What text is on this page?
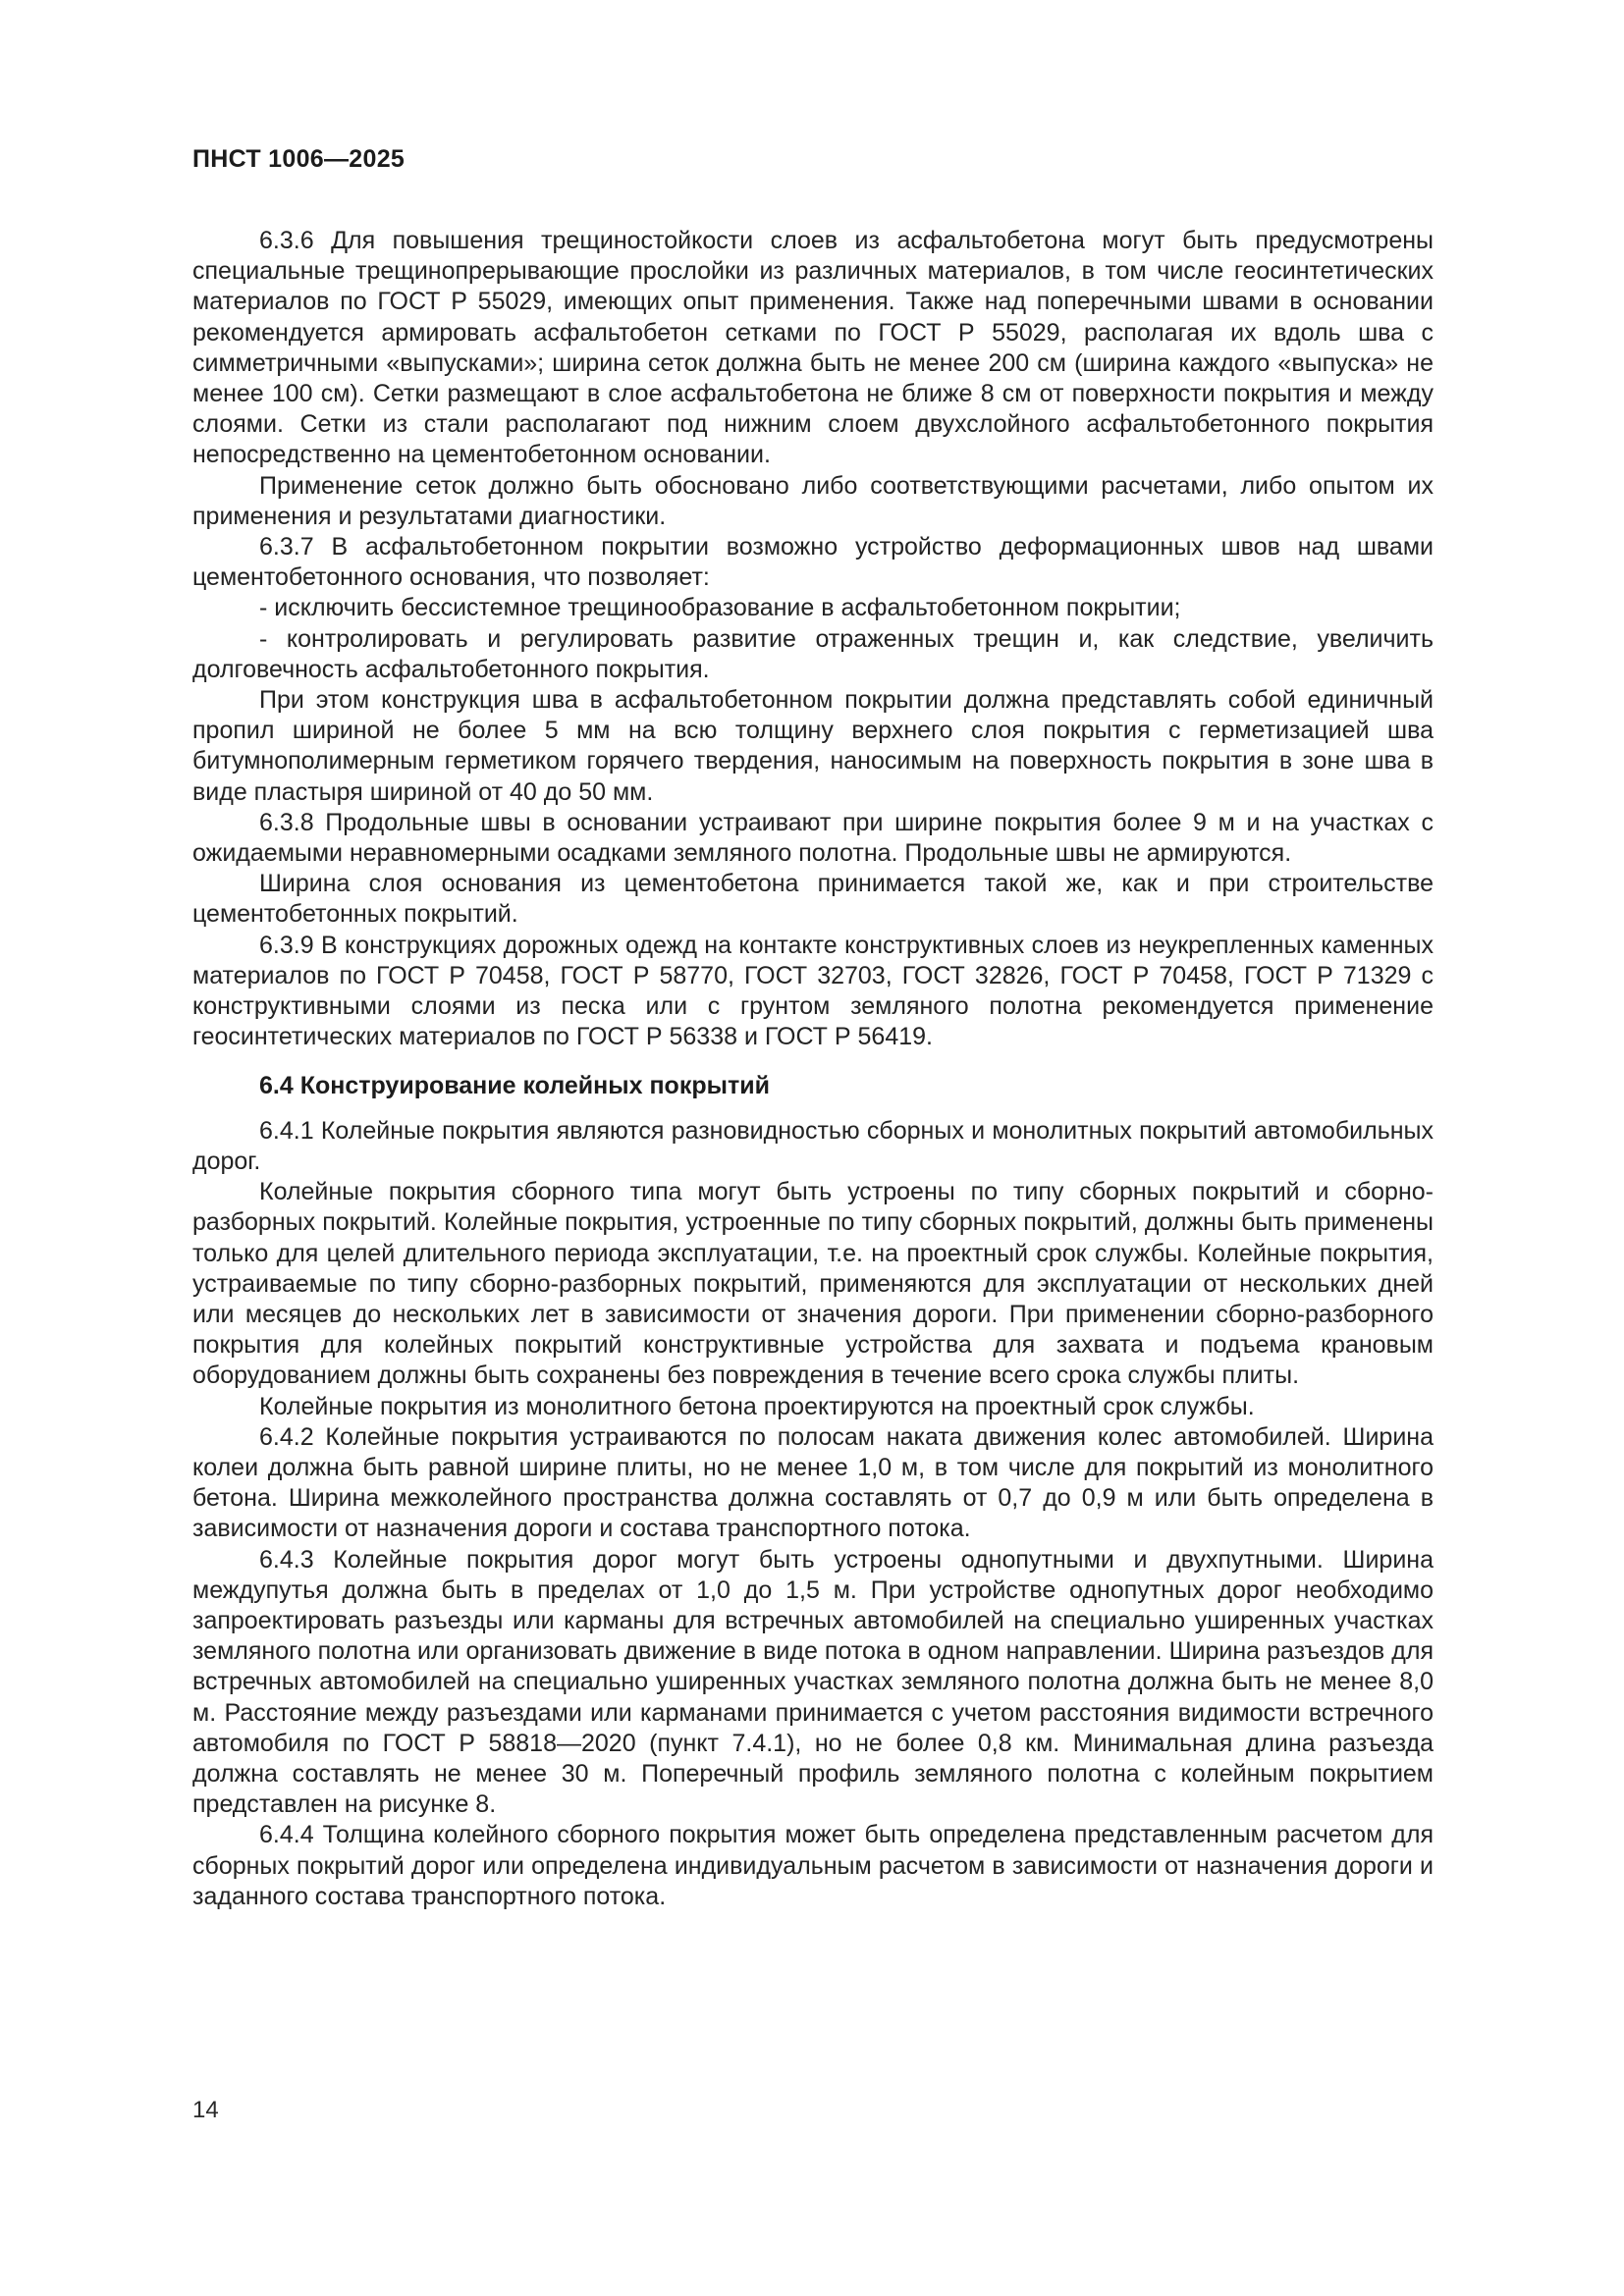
ПНСТ 1006—2025

6.3.6 Для повышения трещиностойкости слоев из асфальтобетона могут быть предусмотрены специальные трещинопрерывающие прослойки из различных материалов, в том числе геосинтетических материалов по ГОСТ Р 55029, имеющих опыт применения. Также над поперечными швами в основании рекомендуется армировать асфальтобетон сетками по ГОСТ Р 55029, располагая их вдоль шва с симметричными «выпусками»; ширина сеток должна быть не менее 200 см (ширина каждого «выпуска» не менее 100 см). Сетки размещают в слое асфальтобетона не ближе 8 см от поверхности покрытия и между слоями. Сетки из стали располагают под нижним слоем двухслойного асфальтобетонного покрытия непосредственно на цементобетонном основании.

Применение сеток должно быть обосновано либо соответствующими расчетами, либо опытом их применения и результатами диагностики.

6.3.7 В асфальтобетонном покрытии возможно устройство деформационных швов над швами цементобетонного основания, что позволяет:

- исключить бессистемное трещинообразование в асфальтобетонном покрытии;

- контролировать и регулировать развитие отраженных трещин и, как следствие, увеличить долговечность асфальтобетонного покрытия.

При этом конструкция шва в асфальтобетонном покрытии должна представлять собой единичный пропил шириной не более 5 мм на всю толщину верхнего слоя покрытия с герметизацией шва битумнополимерным герметиком горячего твердения, наносимым на поверхность покрытия в зоне шва в виде пластыря шириной от 40 до 50 мм.

6.3.8 Продольные швы в основании устраивают при ширине покрытия более 9 м и на участках с ожидаемыми неравномерными осадками земляного полотна. Продольные швы не армируются.

Ширина слоя основания из цементобетона принимается такой же, как и при строительстве цементобетонных покрытий.

6.3.9 В конструкциях дорожных одежд на контакте конструктивных слоев из неукрепленных каменных материалов по ГОСТ Р 70458, ГОСТ Р 58770, ГОСТ 32703, ГОСТ 32826, ГОСТ Р 70458, ГОСТ Р 71329 с конструктивными слоями из песка или с грунтом земляного полотна рекомендуется применение геосинтетических материалов по ГОСТ Р 56338 и ГОСТ Р 56419.

6.4 Конструирование колейных покрытий

6.4.1 Колейные покрытия являются разновидностью сборных и монолитных покрытий автомобильных дорог.

Колейные покрытия сборного типа могут быть устроены по типу сборных покрытий и сборно-разборных покрытий. Колейные покрытия, устроенные по типу сборных покрытий, должны быть применены только для целей длительного периода эксплуатации, т.е. на проектный срок службы. Колейные покрытия, устраиваемые по типу сборно-разборных покрытий, применяются для эксплуатации от нескольких дней или месяцев до нескольких лет в зависимости от значения дороги. При применении сборно-разборного покрытия для колейных покрытий конструктивные устройства для захвата и подъема крановым оборудованием должны быть сохранены без повреждения в течение всего срока службы плиты.

Колейные покрытия из монолитного бетона проектируются на проектный срок службы.

6.4.2 Колейные покрытия устраиваются по полосам наката движения колес автомобилей. Ширина колеи должна быть равной ширине плиты, но не менее 1,0 м, в том числе для покрытий из монолитного бетона. Ширина межколейного пространства должна составлять от 0,7 до 0,9 м или быть определена в зависимости от назначения дороги и состава транспортного потока.

6.4.3 Колейные покрытия дорог могут быть устроены однопутными и двухпутными. Ширина междупутья должна быть в пределах от 1,0 до 1,5 м. При устройстве однопутных дорог необходимо запроектировать разъезды или карманы для встречных автомобилей на специально уширенных участках земляного полотна или организовать движение в виде потока в одном направлении. Ширина разъездов для встречных автомобилей на специально уширенных участках земляного полотна должна быть не менее 8,0 м. Расстояние между разъездами или карманами принимается с учетом расстояния видимости встречного автомобиля по ГОСТ Р 58818—2020 (пункт 7.4.1), но не более 0,8 км. Минимальная длина разъезда должна составлять не менее 30 м. Поперечный профиль земляного полотна с колейным покрытием представлен на рисунке 8.

6.4.4 Толщина колейного сборного покрытия может быть определена представленным расчетом для сборных покрытий дорог или определена индивидуальным расчетом в зависимости от назначения дороги и заданного состава транспортного потока.

14
